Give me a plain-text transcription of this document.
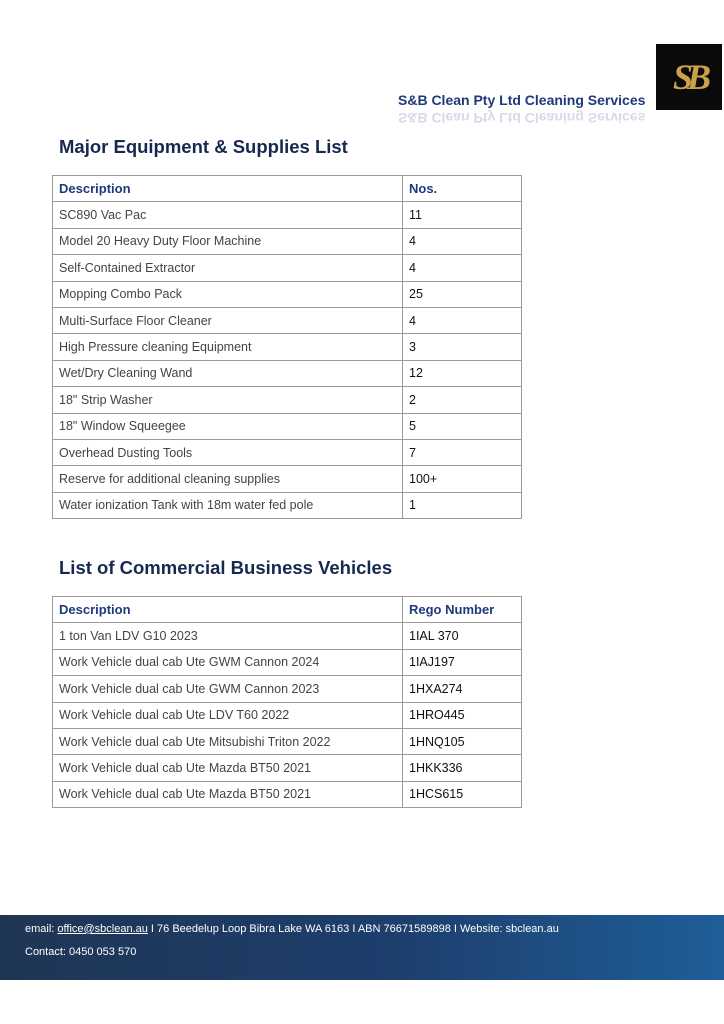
SB
S&B Clean Pty Ltd Cleaning Services
S&B Clean Pty Ltd Cleaning Services
Major Equipment & Supplies List
Description	Nos.
SC890 Vac Pac	11
Model 20 Heavy Duty Floor Machine	4
Self-Contained Extractor	4
Mopping Combo Pack	25
Multi-Surface Floor Cleaner	4
High Pressure cleaning Equipment	3
Wet/Dry Cleaning Wand	12
18" Strip Washer	2
18" Window Squeegee	5
Overhead Dusting Tools	7
Reserve for additional cleaning supplies	100+
Water ionization Tank with 18m water fed pole	1
List of Commercial Business Vehicles
Description	Rego Number
1 ton Van LDV G10 2023	1IAL 370
Work Vehicle dual cab Ute GWM Cannon 2024	1IAJ197
Work Vehicle dual cab Ute GWM Cannon 2023	1HXA274
Work Vehicle dual cab Ute LDV T60 2022	1HRO445
Work Vehicle dual cab Ute Mitsubishi Triton 2022	1HNQ105
Work Vehicle dual cab Ute Mazda BT50 2021	1HKK336
Work Vehicle dual cab Ute Mazda BT50 2021	1HCS615
email: office@sbclean.au I 76 Beedelup Loop Bibra Lake WA 6163 I ABN 76671589898 I Website: sbclean.au
Contact: 0450 053 570
